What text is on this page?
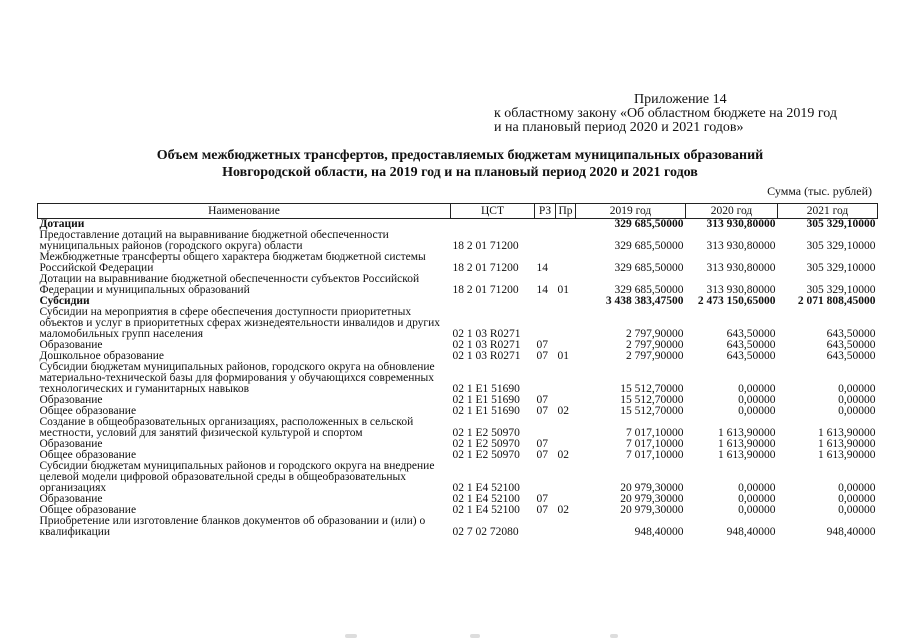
Приложение 14
к областному закону «Об областном бюджете на 2019 год
и на плановый период 2020 и 2021 годов»
Объем межбюджетных трансфертов, предоставляемых бюджетам муниципальных образований
Новгородской области, на 2019 год и на плановый период 2020 и 2021 годов
Сумма (тыс. рублей)
Наименование	ЦСТ	РЗ	Пр	2019 год	2020 год	2021 год
Дотации				329 685,50000	313 930,80000	305 329,10000
Предоставление дотаций на выравнивание бюджетной обеспеченности муниципальных районов (городского округа) области	18 2 01 71200			329 685,50000	313 930,80000	305 329,10000
Межбюджетные трансферты общего характера бюджетам бюджетной системы Российской Федерации	18 2 01 71200	14		329 685,50000	313 930,80000	305 329,10000
Дотации на выравнивание бюджетной обеспеченности субъектов Российской Федерации и муниципальных образований	18 2 01 71200	14	01	329 685,50000	313 930,80000	305 329,10000
Субсидии				3 438 383,47500	2 473 150,65000	2 071 808,45000
Субсидии на мероприятия в сфере обеспечения доступности приоритетных объектов и услуг в приоритетных сферах жизнедеятельности инвалидов и других маломобильных групп населения	02 1 03 R0271			2 797,90000	643,50000	643,50000
Образование	02 1 03 R0271	07		2 797,90000	643,50000	643,50000
Дошкольное образование	02 1 03 R0271	07	01	2 797,90000	643,50000	643,50000
Субсидии бюджетам муниципальных районов, городского округа на обновление материально-технической базы для формирования у обучающихся современных технологических и гуманитарных навыков	02 1 E1 51690			15 512,70000	0,00000	0,00000
Образование	02 1 E1 51690	07		15 512,70000	0,00000	0,00000
Общее образование	02 1 E1 51690	07	02	15 512,70000	0,00000	0,00000
Создание в общеобразовательных организациях, расположенных в сельской местности, условий для занятий физической культурой и спортом	02 1 E2 50970			7 017,10000	1 613,90000	1 613,90000
Образование	02 1 E2 50970	07		7 017,10000	1 613,90000	1 613,90000
Общее образование	02 1 E2 50970	07	02	7 017,10000	1 613,90000	1 613,90000
Субсидии бюджетам муниципальных районов и городского округа на внедрение целевой модели цифровой образовательной среды в общеобразовательных организациях	02 1 E4 52100			20 979,30000	0,00000	0,00000
Образование	02 1 E4 52100	07		20 979,30000	0,00000	0,00000
Общее образование	02 1 E4 52100	07	02	20 979,30000	0,00000	0,00000
Приобретение или изготовление бланков документов об образовании и (или) о квалификации	02 7 02 72080			948,40000	948,40000	948,40000
